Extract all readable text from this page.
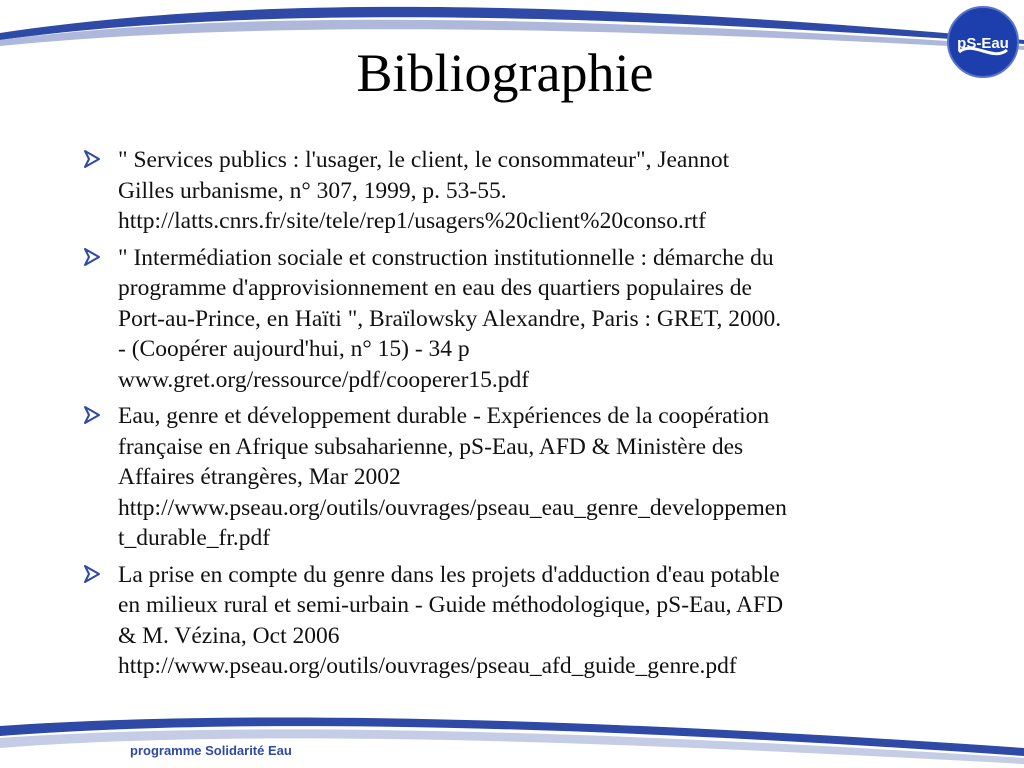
pS-Eau
Bibliographie
" Services publics : l'usager, le client, le consommateur", Jeannot
Gilles urbanisme, n° 307, 1999, p. 53-55.
http://latts.cnrs.fr/site/tele/rep1/usagers%20client%20conso.rtf
" Intermédiation sociale et construction institutionnelle : démarche du
programme d'approvisionnement en eau des quartiers populaires de
Port-au-Prince, en Haïti ", Braïlowsky Alexandre, Paris : GRET, 2000.
- (Coopérer aujourd'hui, n° 15) - 34 p
www.gret.org/ressource/pdf/cooperer15.pdf
Eau, genre et développement durable - Expériences de la coopération
française en Afrique subsaharienne, pS-Eau, AFD & Ministère des
Affaires étrangères, Mar 2002
http://www.pseau.org/outils/ouvrages/pseau_eau_genre_developpemen
t_durable_fr.pdf
La prise en compte du genre dans les projets d'adduction d'eau potable
en milieux rural et semi-urbain - Guide méthodologique, pS-Eau, AFD
& M. Vézina, Oct 2006
http://www.pseau.org/outils/ouvrages/pseau_afd_guide_genre.pdf
programme Solidarité Eau
